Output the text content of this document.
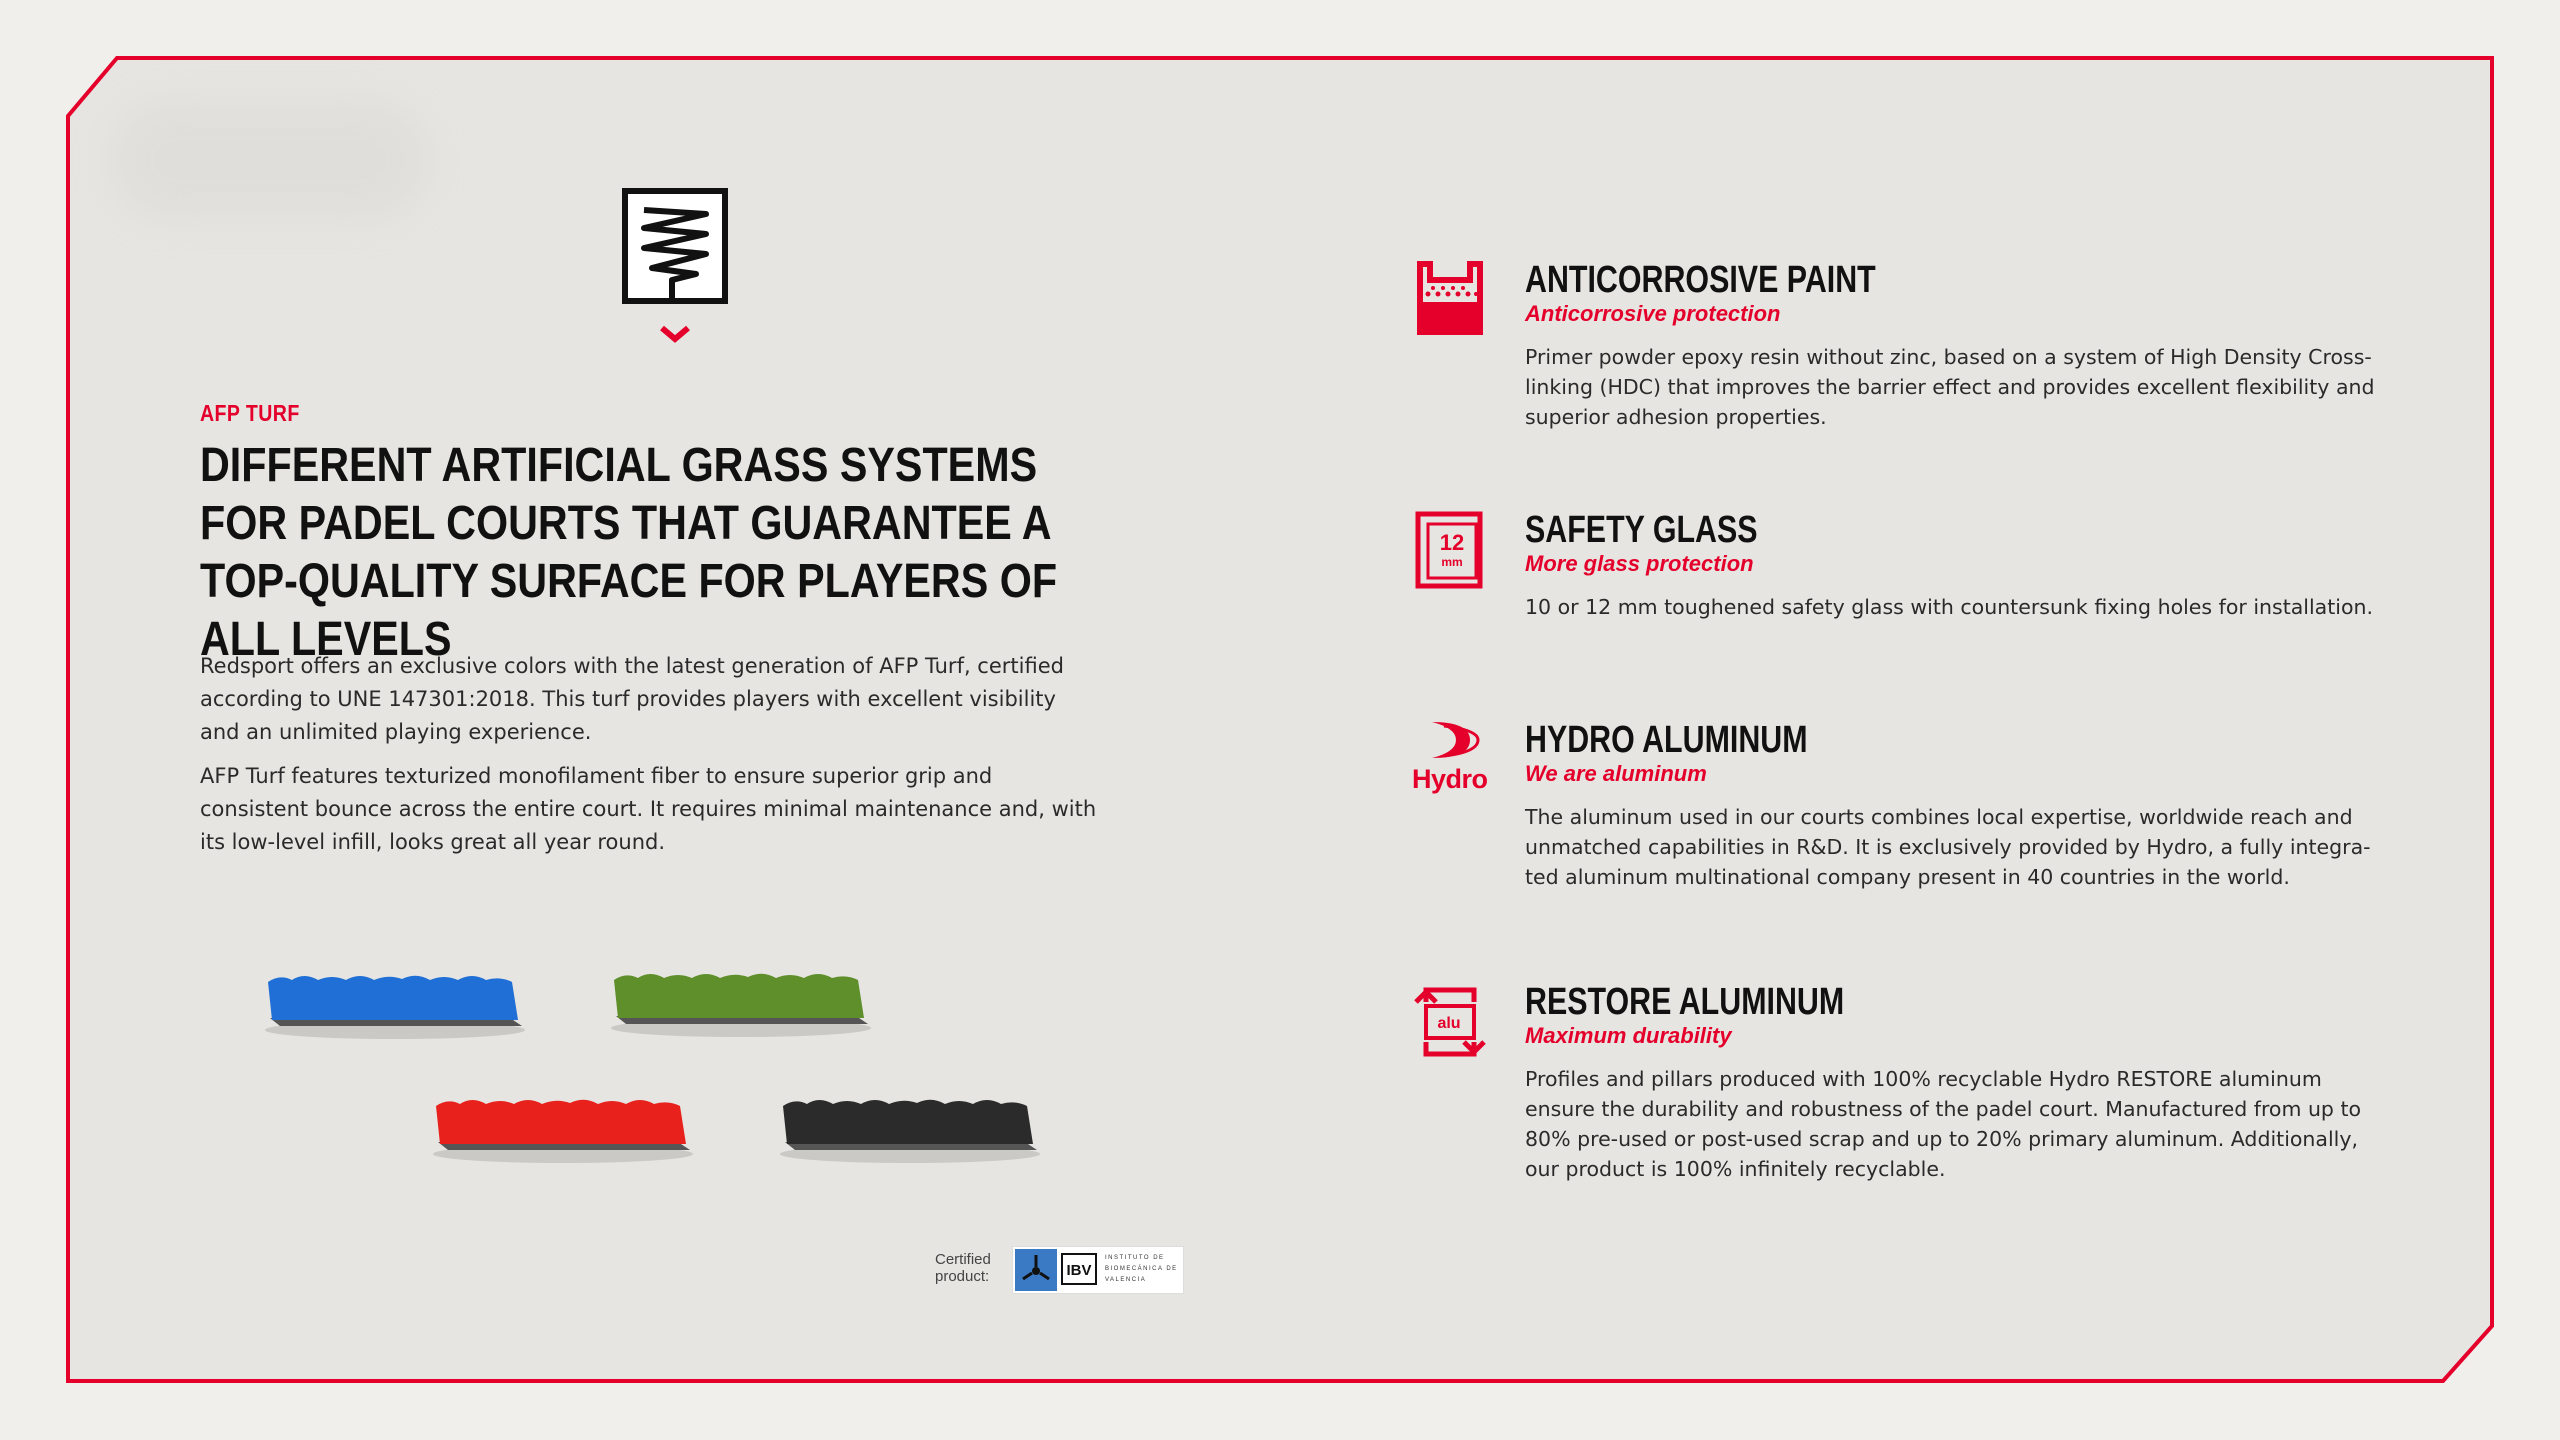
AFP TURF
DIFFERENT ARTIFICIAL GRASS SYSTEMS FOR PADEL COURTS THAT GUARANTEE A TOP-QUALITY SURFACE FOR PLAYERS OF ALL LEVELS
Redsport offers an exclusive colors with the latest generation of AFP Turf, certified according to UNE 147301:2018. This turf provides players with excellent visibility and an unlimited playing experience.
AFP Turf features texturized monofilament fiber to ensure superior grip and consistent bounce across the entire court. It requires minimal maintenance and, with its low-level infill, looks great all year round.
Certified product:	IBV
INSTITUTO DE BIOMECÁNICA DE VALENCIA
ANTICORROSIVE PAINT
Anticorrosive protection
Primer powder epoxy resin without zinc, based on a system of High Density Cross-linking (HDC) that improves the barrier effect and provides excellent flexibility and superior adhesion properties.
12
mm
SAFETY GLASS
More glass protection
10 or 12 mm toughened safety glass with countersunk fixing holes for installation.
Hydro
HYDRO ALUMINUM
We are aluminum
The aluminum used in our courts combines local expertise, worldwide reach and unmatched capabilities in R&D. It is exclusively provided by Hydro, a fully integra-ted aluminum multinational company present in 40 countries in the world.
alu
RESTORE ALUMINUM
Maximum durability
Profiles and pillars produced with 100% recyclable Hydro RESTORE aluminum ensure the durability and robustness of the padel court. Manufactured from up to 80% pre-used or post-used scrap and up to 20% primary aluminum. Additionally, our product is 100% infinitely recyclable.
